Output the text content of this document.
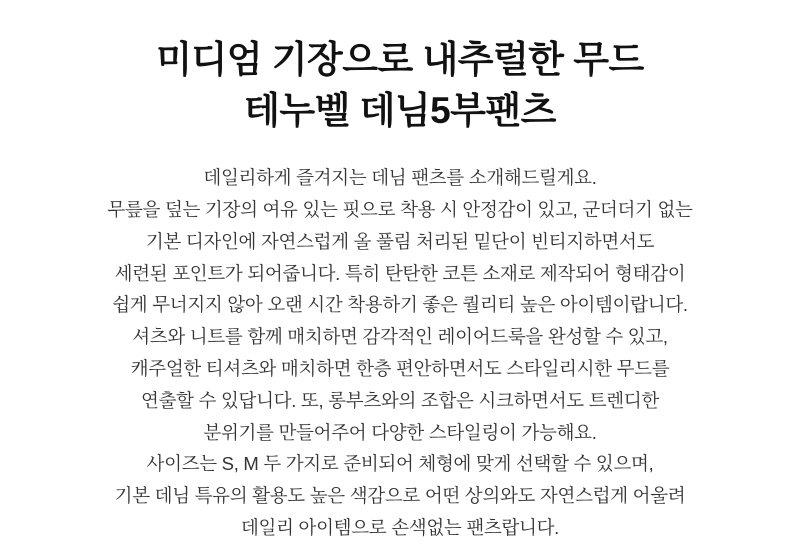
미디엄 기장으로 내추럴한 무드
테누벨 데님5부팬츠
데일리하게 즐겨지는 데님 팬츠를 소개해드릴게요.
무릎을 덮는 기장의 여유 있는 핏으로 착용 시 안정감이 있고, 군더더기 없는
기본 디자인에 자연스럽게 올 풀림 처리된 밑단이 빈티지하면서도
세련된 포인트가 되어줍니다. 특히 탄탄한 코튼 소재로 제작되어 형태감이
쉽게 무너지지 않아 오랜 시간 착용하기 좋은 퀄리티 높은 아이템이랍니다.
셔츠와 니트를 함께 매치하면 감각적인 레이어드룩을 완성할 수 있고,
캐주얼한 티셔츠와 매치하면 한층 편안하면서도 스타일리시한 무드를
연출할 수 있답니다. 또, 롱부츠와의 조합은 시크하면서도 트렌디한
분위기를 만들어주어 다양한 스타일링이 가능해요.
사이즈는 S, M 두 가지로 준비되어 체형에 맞게 선택할 수 있으며,
기본 데님 특유의 활용도 높은 색감으로 어떤 상의와도 자연스럽게 어울려
데일리 아이템으로 손색없는 팬츠랍니다.
